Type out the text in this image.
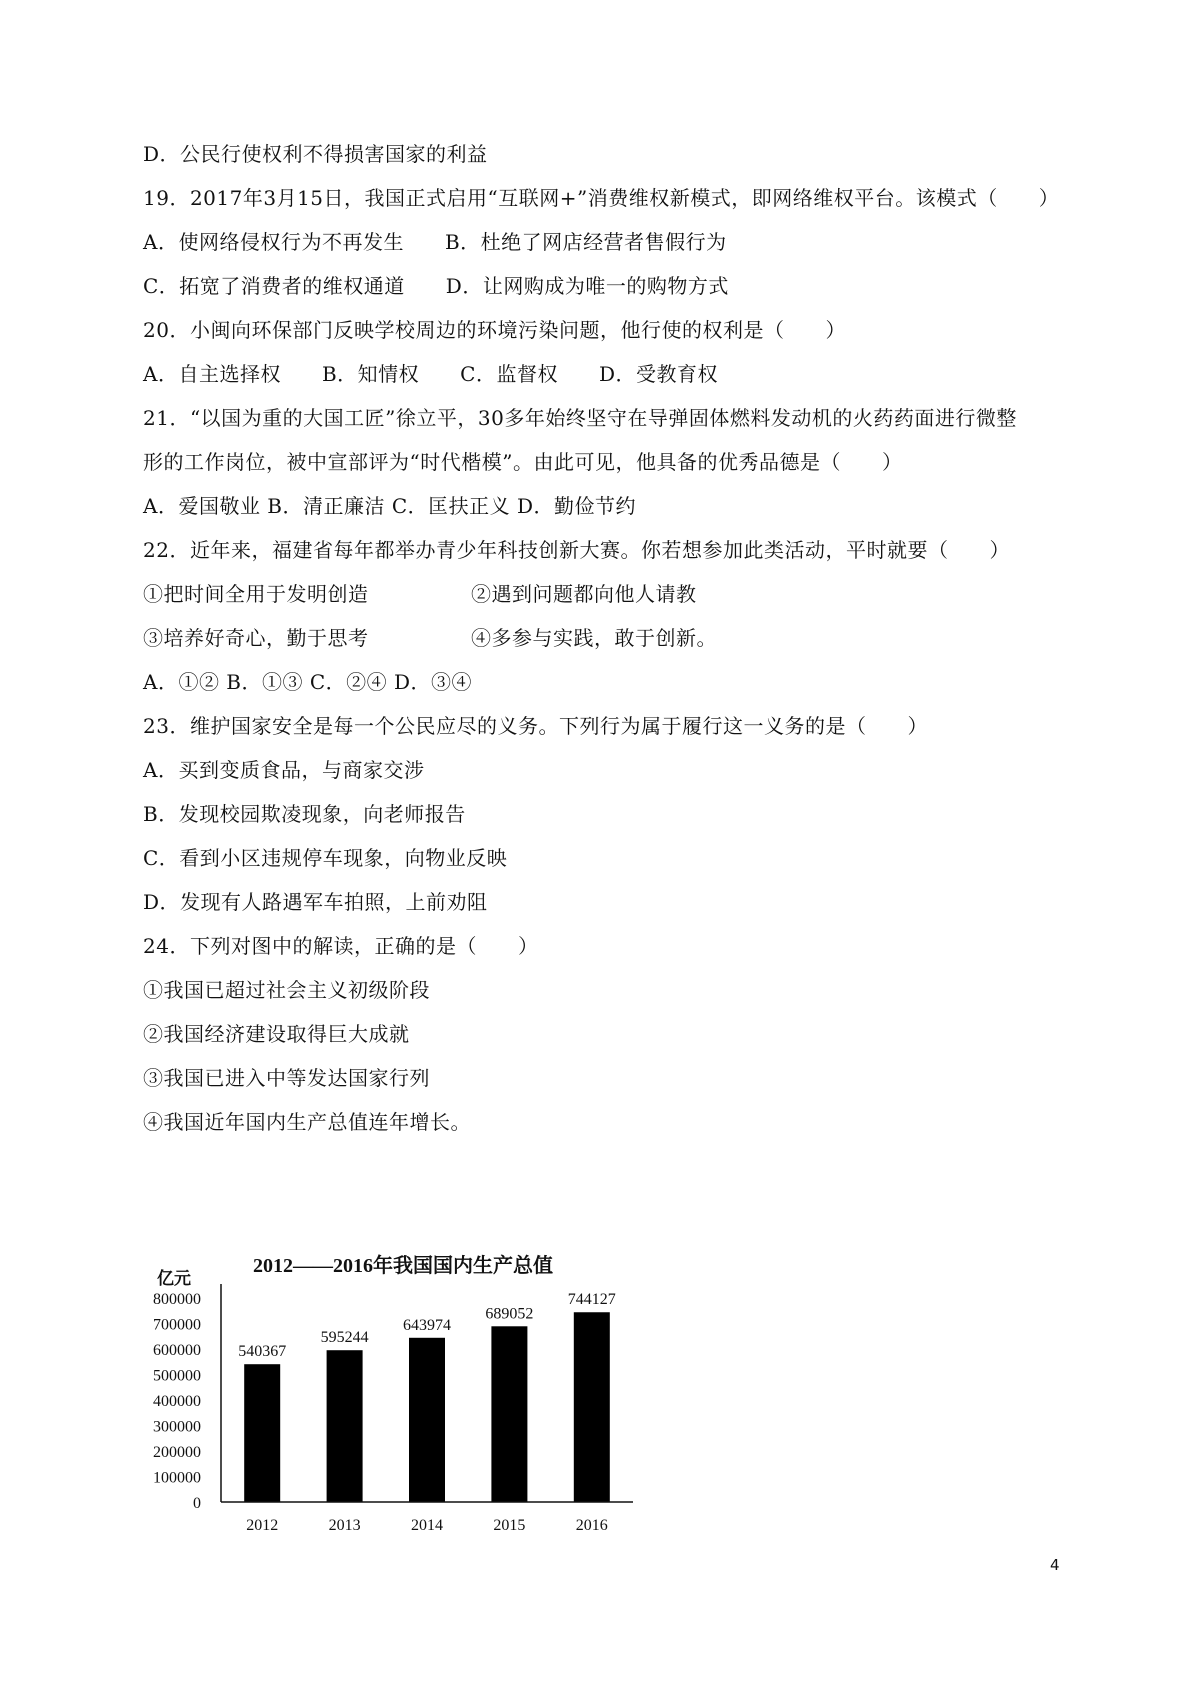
D．公民行使权利不得损害国家的利益
19．2017年3月15日，我国正式启用“互联网+”消费维权新模式，即网络维权平台。该模式（　　）
A．使网络侵权行为不再发生　　B．杜绝了网店经营者售假行为
C．拓宽了消费者的维权通道　　D．让网购成为唯一的购物方式
20．小闽向环保部门反映学校周边的环境污染问题，他行使的权利是（　　）
A．自主选择权　　B．知情权　　C．监督权　　D．受教育权
21．“以国为重的大国工匠”徐立平，30多年始终坚守在导弹固体燃料发动机的火药药面进行微整
形的工作岗位，被中宣部评为“时代楷模”。由此可见，他具备的优秀品德是（　　）
A．爱国敬业 B．清正廉洁 C．匡扶正义 D．勤俭节约
22．近年来，福建省每年都举办青少年科技创新大赛。你若想参加此类活动，平时就要（　　）
①把时间全用于发明创造　　　　　②遇到问题都向他人请教
③培养好奇心，勤于思考　　　　　④多参与实践，敢于创新。
A．①② B．①③ C．②④ D．③④
23．维护国家安全是每一个公民应尽的义务。下列行为属于履行这一义务的是（　　）
A．买到变质食品，与商家交涉
B．发现校园欺凌现象，向老师报告
C．看到小区违规停车现象，向物业反映
D．发现有人路遇军车拍照，上前劝阻
24．下列对图中的解读，正确的是（　　）
①我国已超过社会主义初级阶段
②我国经济建设取得巨大成就
③我国已进入中等发达国家行列
④我国近年国内生产总值连年增长。
2012——2016年我国国内生产总值
亿元
0
100000
200000
300000
400000
500000
600000
700000
800000
540367
2012
595244
2013
643974
2014
689052
2015
744127
2016
4
